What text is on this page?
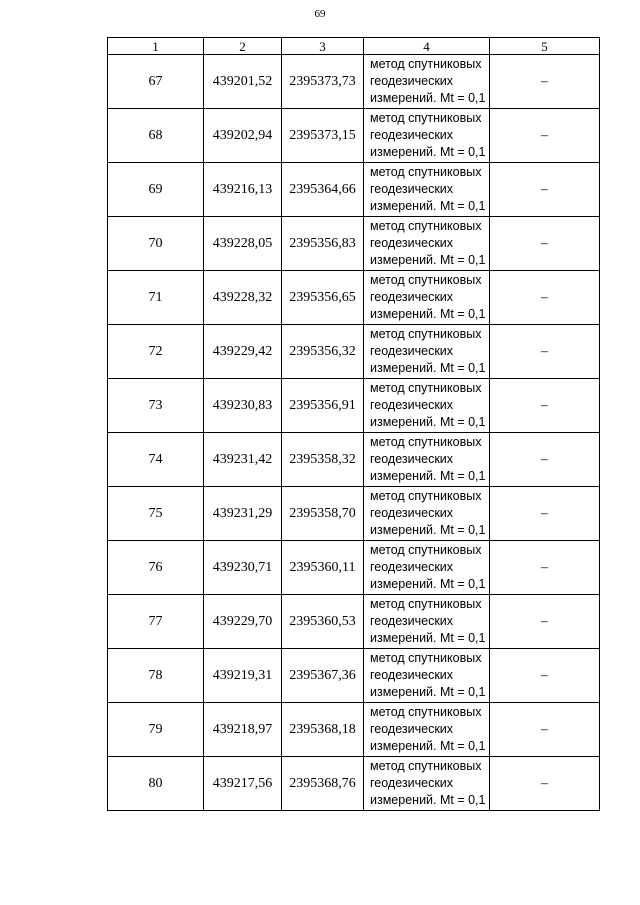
69
1	2	3	4	5
67	439201,52	2395373,73	метод спутниковых
геодезических
измерений. Mt = 0,1	–
68	439202,94	2395373,15	метод спутниковых
геодезических
измерений. Mt = 0,1	–
69	439216,13	2395364,66	метод спутниковых
геодезических
измерений. Mt = 0,1	–
70	439228,05	2395356,83	метод спутниковых
геодезических
измерений. Mt = 0,1	–
71	439228,32	2395356,65	метод спутниковых
геодезических
измерений. Mt = 0,1	–
72	439229,42	2395356,32	метод спутниковых
геодезических
измерений. Mt = 0,1	–
73	439230,83	2395356,91	метод спутниковых
геодезических
измерений. Mt = 0,1	–
74	439231,42	2395358,32	метод спутниковых
геодезических
измерений. Mt = 0,1	–
75	439231,29	2395358,70	метод спутниковых
геодезических
измерений. Mt = 0,1	–
76	439230,71	2395360,11	метод спутниковых
геодезических
измерений. Mt = 0,1	–
77	439229,70	2395360,53	метод спутниковых
геодезических
измерений. Mt = 0,1	–
78	439219,31	2395367,36	метод спутниковых
геодезических
измерений. Mt = 0,1	–
79	439218,97	2395368,18	метод спутниковых
геодезических
измерений. Mt = 0,1	–
80	439217,56	2395368,76	метод спутниковых
геодезических
измерений. Mt = 0,1	–
